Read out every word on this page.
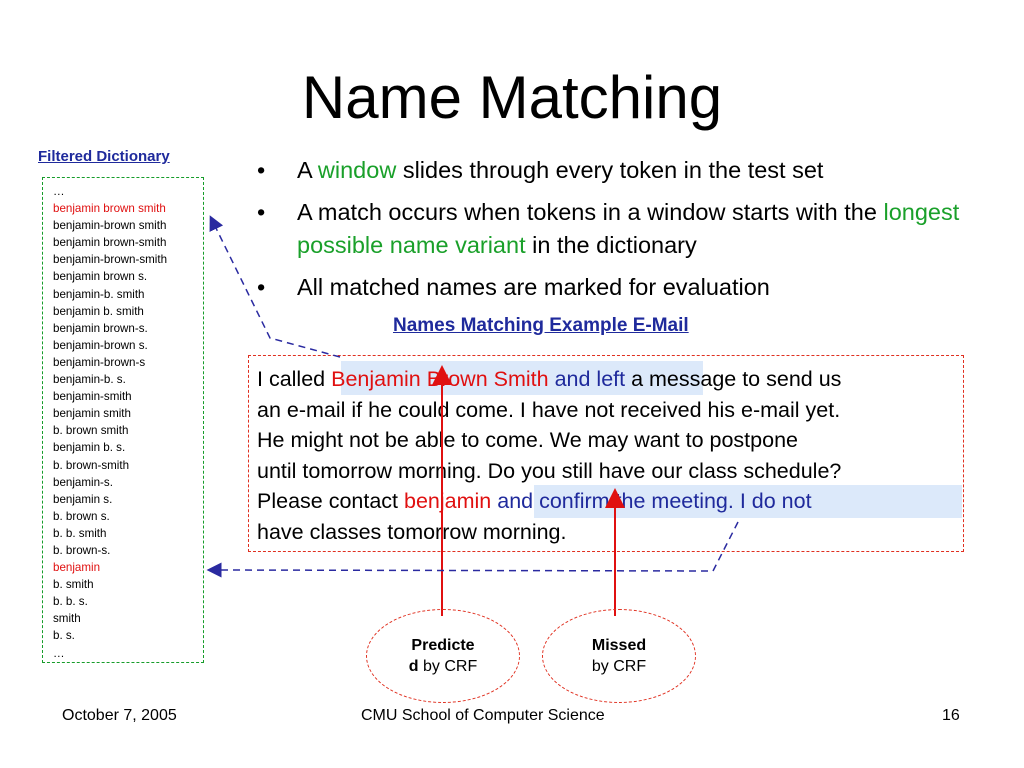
Name Matching
Filtered Dictionary
…
benjamin brown smith
benjamin-brown smith
benjamin brown-smith
benjamin-brown-smith
benjamin brown s.
benjamin-b. smith
benjamin b. smith
benjamin brown-s.
benjamin-brown s.
benjamin-brown-s
benjamin-b. s.
benjamin-smith
benjamin smith
b. brown smith
benjamin b. s.
b. brown-smith
benjamin-s.
benjamin s.
b. brown s.
b. b. smith
b. brown-s.
benjamin
b. smith
b. b. s.
smith
b. s.
…
• A window slides through every token in the test set
• A match occurs when tokens in a window starts with the longest possible name variant in the dictionary
• All matched names are marked for evaluation
Names Matching Example E-Mail
I called Benjamin Brown Smith and left a message to send us
an e-mail if he could come. I have not received his e-mail yet.
He might not be able to come. We may want to postpone
until tomorrow morning. Do you still have our class schedule?
Please contact benjamin and confirm the meeting. I do not
have classes tomorrow morning.
Predicte
d by CRF
Missed
by CRF
October 7, 2005	CMU School of Computer Science	16
